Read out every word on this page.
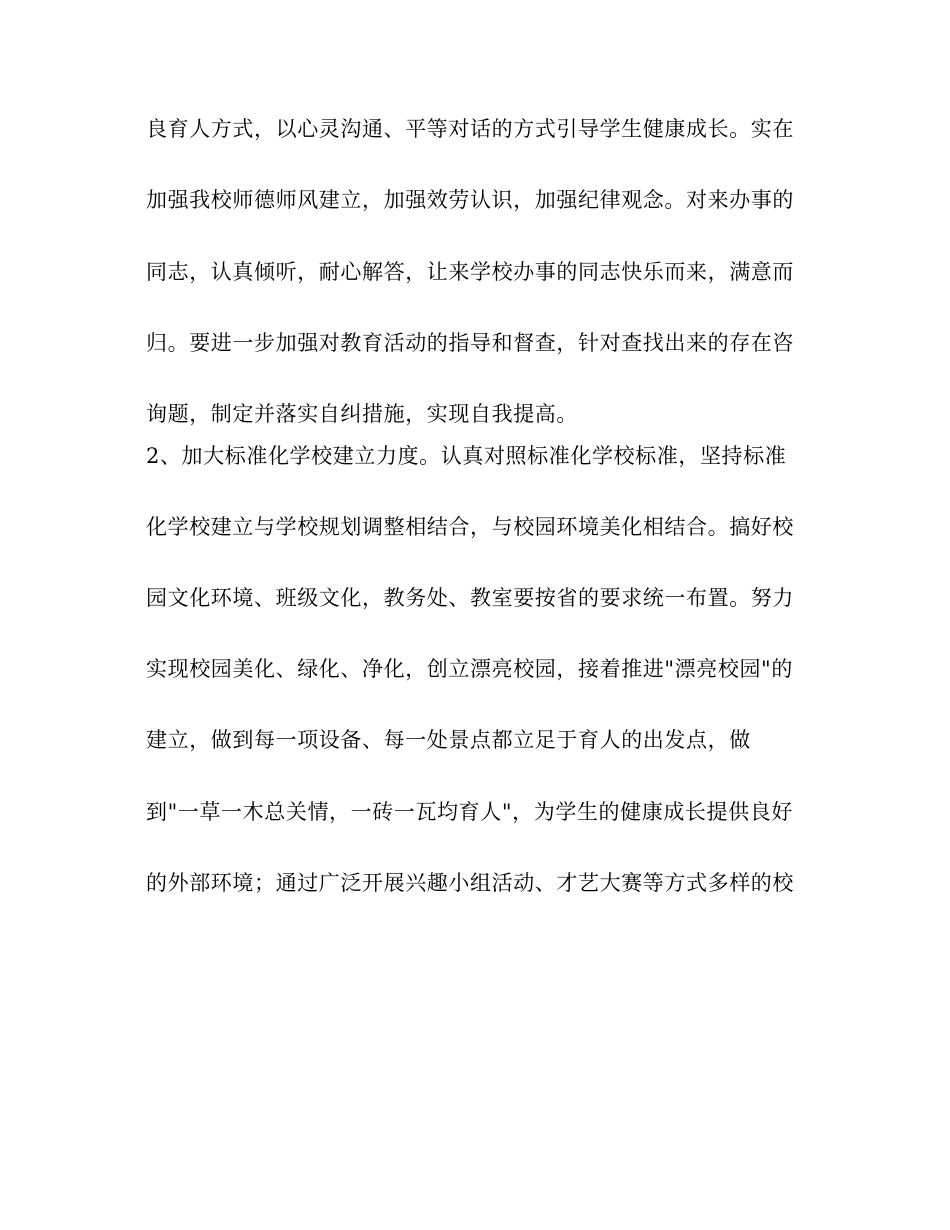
良育人方式，以心灵沟通、平等对话的方式引导学生健康成长。实在
加强我校师德师风建立，加强效劳认识，加强纪律观念。对来办事的
同志，认真倾听，耐心解答，让来学校办事的同志快乐而来，满意而
归。要进一步加强对教育活动的指导和督查，针对查找出来的存在咨
询题，制定并落实自纠措施，实现自我提高。
2、加大标准化学校建立力度。认真对照标准化学校标准，坚持标准
化学校建立与学校规划调整相结合，与校园环境美化相结合。搞好校
园文化环境、班级文化，教务处、教室要按省的要求统一布置。努力
实现校园美化、绿化、净化，创立漂亮校园，接着推进"漂亮校园"的
建立，做到每一项设备、每一处景点都立足于育人的出发点，做
到"一草一木总关情，一砖一瓦均育人"，为学生的健康成长提供良好
的外部环境；通过广泛开展兴趣小组活动、才艺大赛等方式多样的校
